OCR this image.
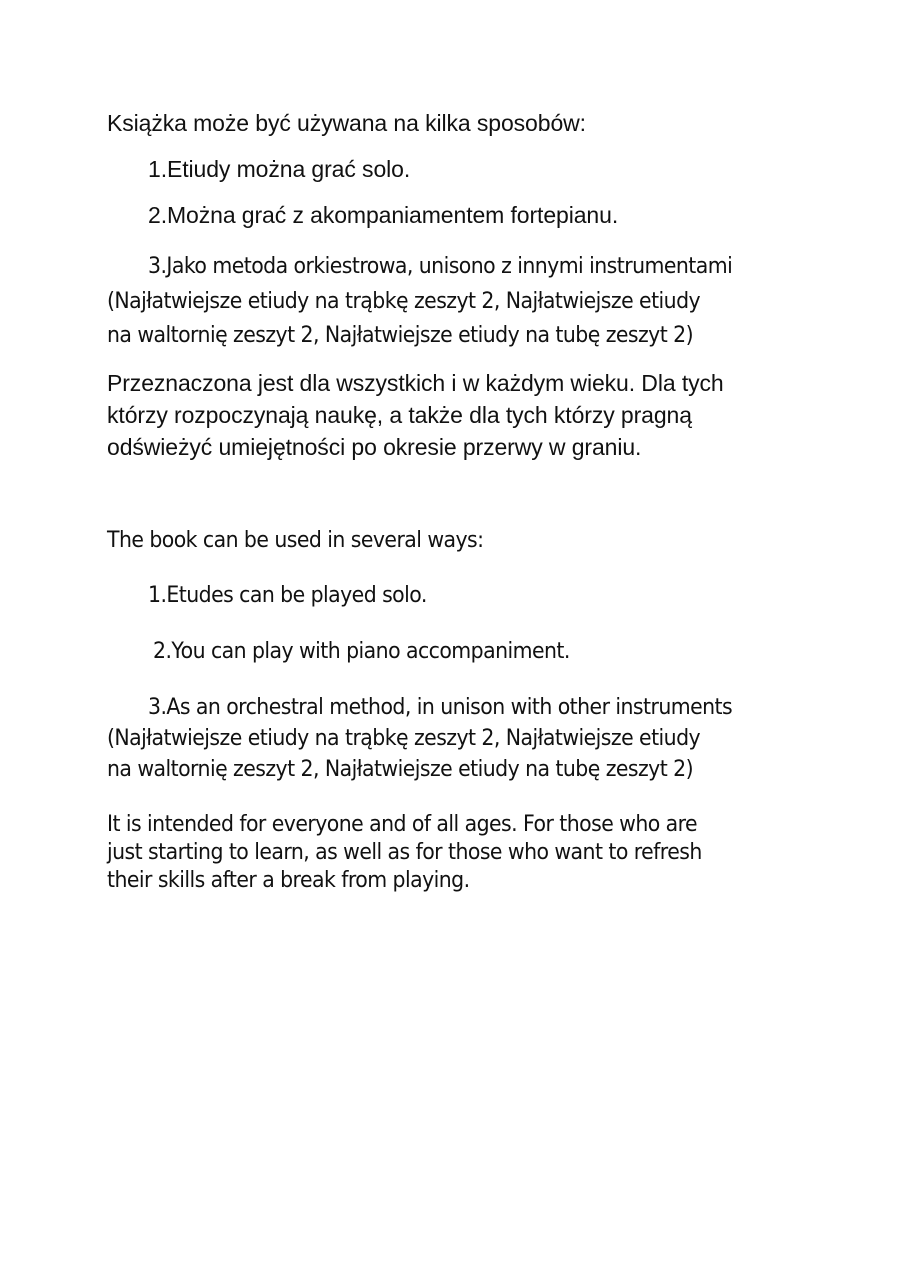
Książka może być używana na kilka sposobów:
1.Etiudy można grać solo.
2.Można grać z akompaniamentem fortepianu.
3.Jako metoda orkiestrowa, unisono z innymi instrumentami
(Najłatwiejsze etiudy na trąbkę zeszyt 2, Najłatwiejsze etiudy
na waltornię zeszyt 2, Najłatwiejsze etiudy na tubę zeszyt 2)
Przeznaczona jest dla wszystkich i w każdym wieku. Dla tych
którzy rozpoczynają naukę, a także dla tych którzy pragną
odświeżyć umiejętności po okresie przerwy w graniu.
The book can be used in several ways:
1.Etudes can be played solo.
2.You can play with piano accompaniment.
3.As an orchestral method, in unison with other instruments
(Najłatwiejsze etiudy na trąbkę zeszyt 2, Najłatwiejsze etiudy
na waltornię zeszyt 2, Najłatwiejsze etiudy na tubę zeszyt 2)
It is intended for everyone and of all ages. For those who are
just starting to learn, as well as for those who want to refresh
their skills after a break from playing.
